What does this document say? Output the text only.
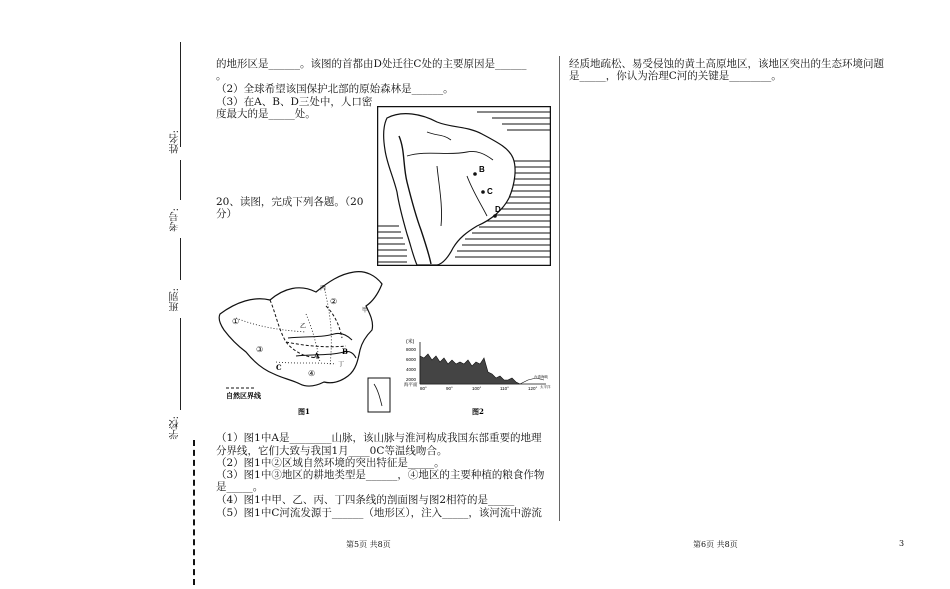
姓名:
考号:
班别:
学校:
的地形区是______。该图的首都由D处迁往C处的主要原因是______
。
（2）全球希望该国保护北部的原始森林是______。
（3）在A、B、D三处中，人口密
度最大的是_____处。
20、读图，完成下列各题。（20
分）
B
C
D
①
②
③
④
A	B
C
甲
乙
丙
丁
自然区界线
图1
(米)
8000
6000
4000
2000
海平面
台湾海峡
太平洋
80°	90°	100°	110°	120°
图2
（1）图1中A是________山脉，该山脉与淮河构成我国东部重要的地理
分界线，它们大致与我国1月____0C等温线吻合。
（2）图1中②区域自然环境的突出特征是_____。
（3）图1中③地区的耕地类型是______，④地区的主要种植的粮食作物
是_____。
（4）图1中甲、乙、丙、丁四条线的剖面图与图2相符的是_____
（5）图1中C河流发源于______（地形区），注入_____，该河流中游流
经质地疏松、易受侵蚀的黄土高原地区，该地区突出的生态环境问题
是_____，你认为治理C河的关键是________。
第5页 共8页	第6页 共8页	3
